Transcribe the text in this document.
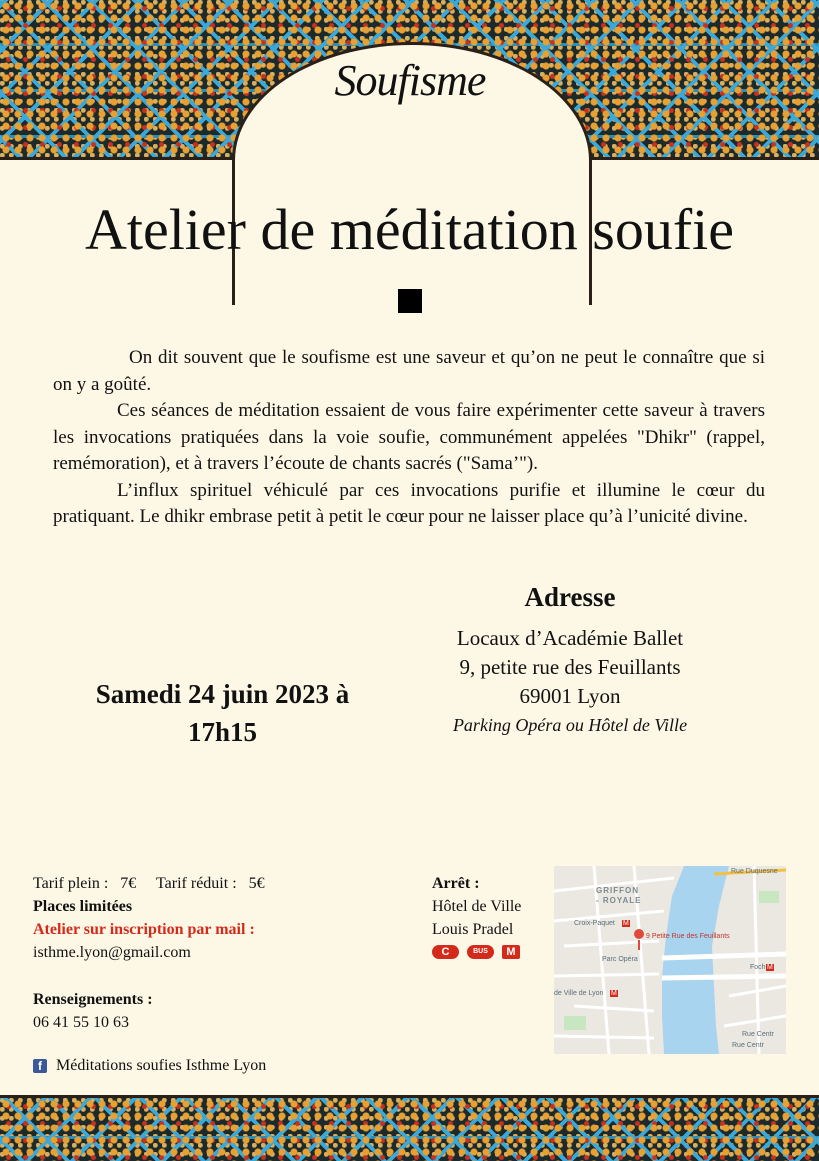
Soufisme
Atelier de méditation soufie

On dit souvent que le soufisme est une saveur et qu’on ne peut le connaître que si on y a goûté.

Ces séances de méditation essaient de vous faire expérimenter cette saveur à travers les invocations pratiquées dans la voie soufie, communément appelées "Dhikr" (rappel, remémoration), et à travers l’écoute de chants sacrés ("Sama’").

L’influx spirituel véhiculé par ces invocations purifie et illumine le cœur du pratiquant. Le dhikr embrase petit à petit le cœur pour ne laisser place qu’à l’unicité divine.

Samedi 24 juin 2023 à
17h15
Adresse
Locaux d’Académie Ballet
9, petite rue des Feuillants
69001 Lyon
Parking Opéra ou Hôtel de Ville
Tarif plein :   7€     Tarif réduit :   5€
Places limitées
Atelier sur inscription par mail :
isthme.lyon@gmail.com
Renseignements :
06 41 55 10 63
f Méditations soufies Isthme Lyon
Arrêt :
Hôtel de Ville
Louis Pradel
C	BUS	M
Rue Duquesne
GRIFFON
- ROYALE
Croix-Paquet M
9 Petite Rue des Feuillants
Parc Opéra
Foch M
de Ville de Lyon M
Rue Centr
Rue Centr
